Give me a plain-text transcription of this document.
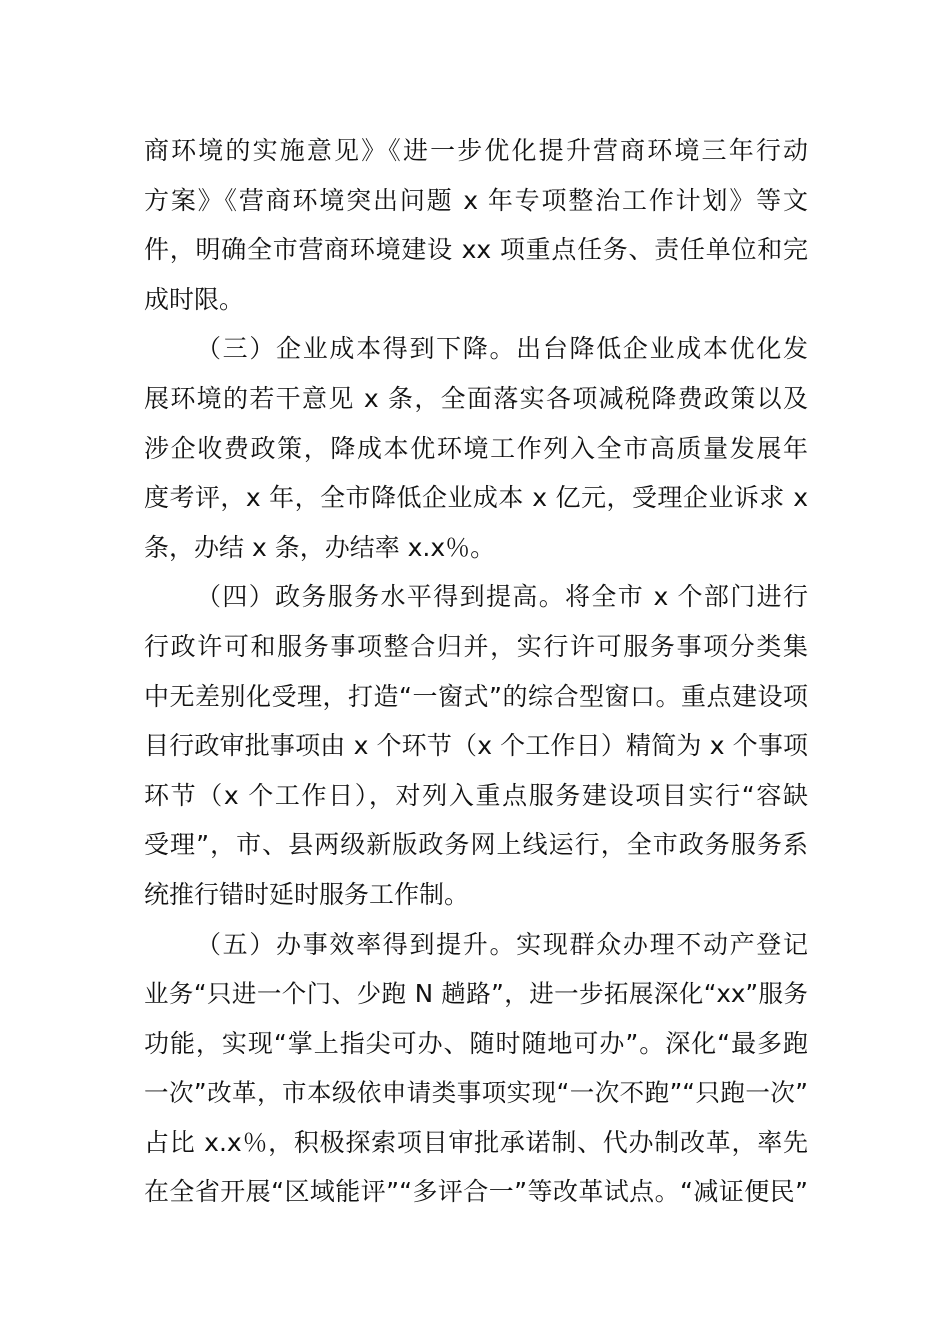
商环境的实施意见》《进一步优化提升营商环境三年行动
方案》《营商环境突出问题 x 年专项整治工作计划》等文
件，明确全市营商环境建设 xx 项重点任务、责任单位和完
成时限。
（三）企业成本得到下降。出台降低企业成本优化发
展环境的若干意见 x 条，全面落实各项减税降费政策以及
涉企收费政策，降成本优环境工作列入全市高质量发展年
度考评，x 年，全市降低企业成本 x 亿元，受理企业诉求 x
条，办结 x 条，办结率 x.x％。
（四）政务服务水平得到提高。将全市 x 个部门进行
行政许可和服务事项整合归并，实行许可服务事项分类集
中无差别化受理，打造“一窗式”的综合型窗口。重点建设项
目行政审批事项由 x 个环节（x 个工作日）精简为 x 个事项
环节（x 个工作日），对列入重点服务建设项目实行“容缺
受理”，市、县两级新版政务网上线运行，全市政务服务系
统推行错时延时服务工作制。
（五）办事效率得到提升。实现群众办理不动产登记
业务“只进一个门、少跑 N 趟路”，进一步拓展深化“xx”服务
功能，实现“掌上指尖可办、随时随地可办”。深化“最多跑
一次”改革，市本级依申请类事项实现“一次不跑”“只跑一次”
占比 x.x％，积极探索项目审批承诺制、代办制改革，率先
在全省开展“区域能评”“多评合一”等改革试点。“减证便民”
